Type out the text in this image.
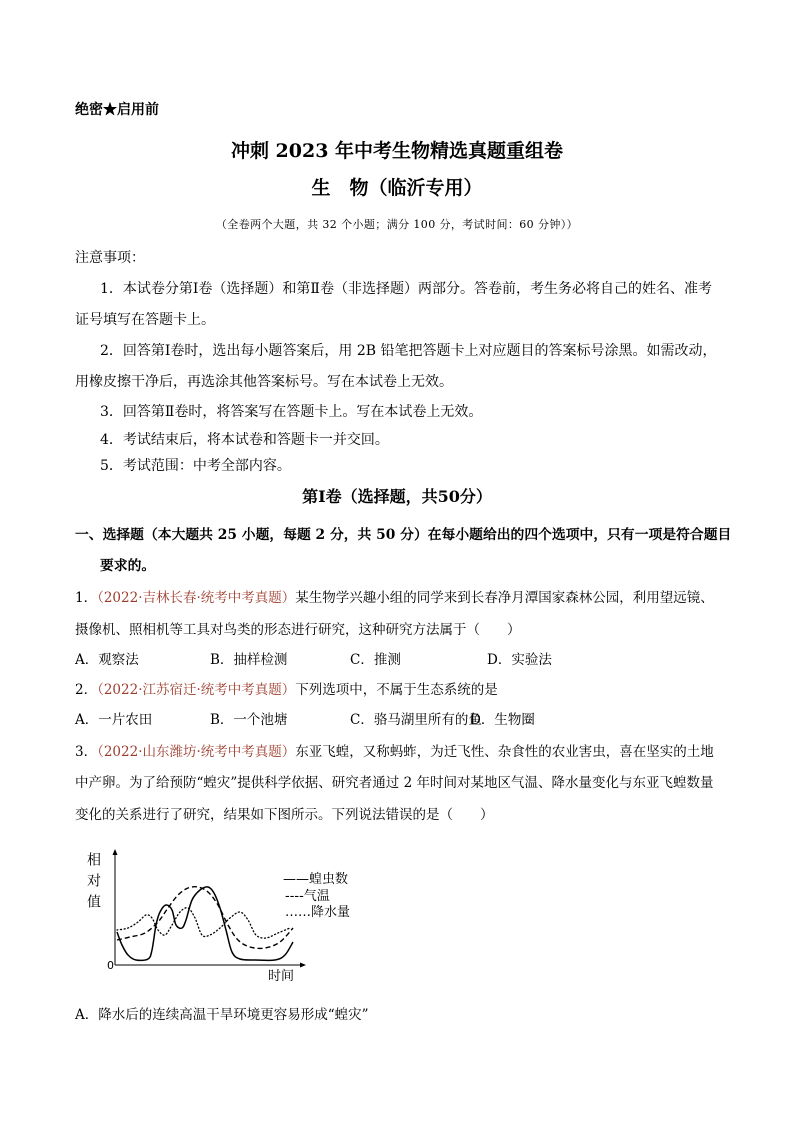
绝密★启用前
冲刺 2023 年中考生物精选真题重组卷
生　物（临沂专用）
（全卷两个大题，共 32 个小题；满分 100 分，考试时间：60 分钟））
注意事项：
1．本试卷分第Ⅰ卷（选择题）和第Ⅱ卷（非选择题）两部分。答卷前，考生务必将自己的姓名、准考
证号填写在答题卡上。
2．回答第Ⅰ卷时，选出每小题答案后，用 2B 铅笔把答题卡上对应题目的答案标号涂黑。如需改动，
用橡皮擦干净后，再选涂其他答案标号。写在本试卷上无效。
3．回答第Ⅱ卷时，将答案写在答题卡上。写在本试卷上无效。
4．考试结束后，将本试卷和答题卡一并交回。
5．考试范围：中考全部内容。
第Ⅰ卷（选择题，共50分）
一、选择题（本大题共 25 小题，每题 2 分，共 50 分）在每小题给出的四个选项中，只有一项是符合题目
要求的。
1．（2022·吉林长春·统考中考真题）某生物学兴趣小组的同学来到长春净月潭国家森林公园，利用望远镜、
摄像机、照相机等工具对鸟类的形态进行研究，这种研究方法属于（　　）
A．观察法	B．抽样检测	C．推测	D．实验法
2．（2022·江苏宿迁·统考中考真题）下列选项中，不属于生态系统的是
A．一片农田	B．一个池塘	C．骆马湖里所有的鱼
D．生物圈
3．（2022·山东潍坊·统考中考真题）东亚飞蝗，又称蚂蚱，为迁飞性、杂食性的农业害虫，喜在坚实的土地
中产卵。为了给预防“蝗灾”提供科学依据、研究者通过 2 年时间对某地区气温、降水量变化与东亚飞蝗数量
变化的关系进行了研究，结果如下图所示。下列说法错误的是（　　）
相对值
0
时间
——蝗虫数
----气温
……降水量
A．降水后的连续高温干旱环境更容易形成“蝗灾”
